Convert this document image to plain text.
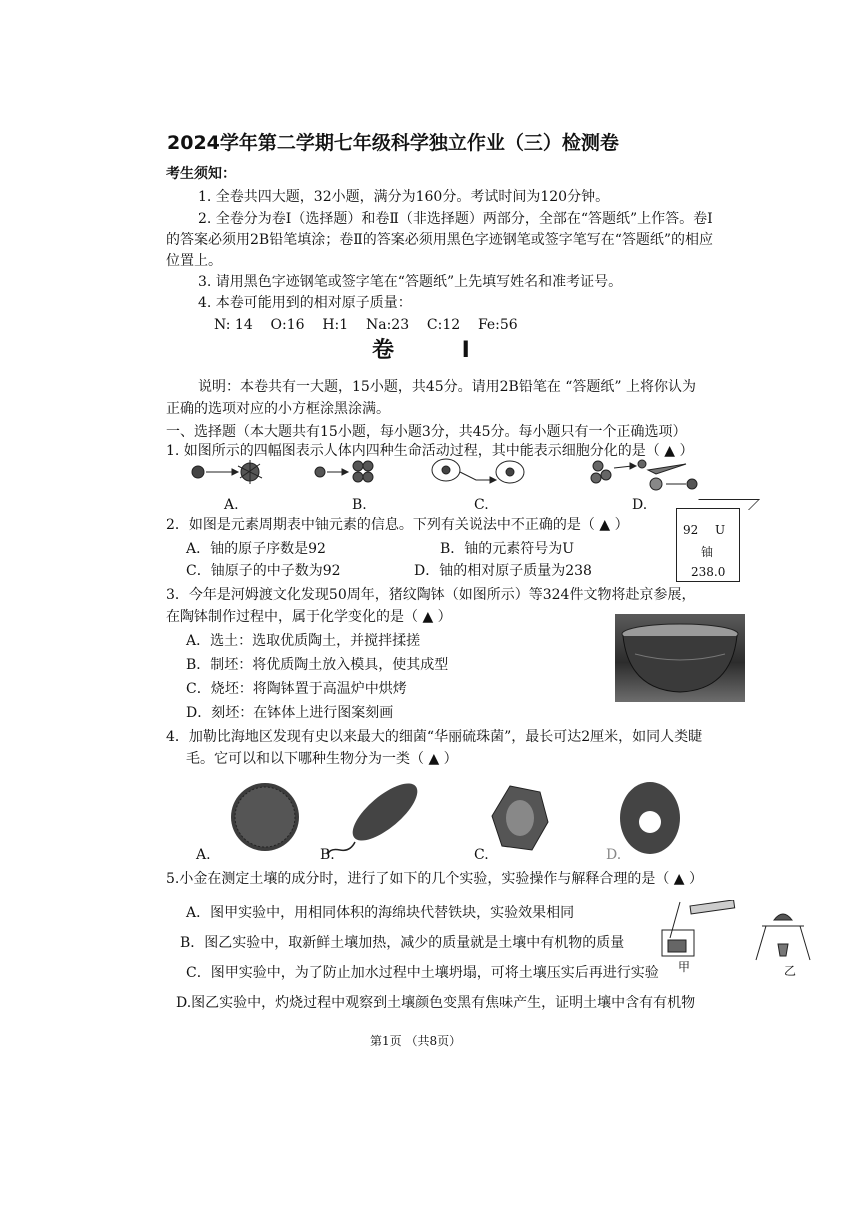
2024学年第二学期七年级科学独立作业（三）检测卷
考生须知：
1. 全卷共四大题，32小题，满分为160分。考试时间为120分钟。
2. 全卷分为卷Ⅰ（选择题）和卷Ⅱ（非选择题）两部分，全部在“答题纸”上作答。卷Ⅰ
的答案必须用2B铅笔填涂；卷Ⅱ的答案必须用黑色字迹钢笔或签字笔写在“答题纸”的相应
位置上。
3. 请用黑色字迹钢笔或签字笔在“答题纸”上先填写姓名和准考证号。
4. 本卷可能用到的相对原子质量：
N: 14    O:16    H:1    Na:23    C:12    Fe:56
卷 Ⅰ
说明：本卷共有一大题，15小题，共45分。请用2B铅笔在 “答题纸” 上将你认为
正确的选项对应的小方框涂黑涂满。
一、选择题（本大题共有15小题，每小题3分，共45分。每小题只有一个正确选项）
1. 如图所示的四幅图表示人体内四种生命活动过程，其中能表示细胞分化的是（ ▲ ）
A.	B.	C.	D.
2．如图是元素周期表中铀元素的信息。下列有关说法中不正确的是（ ▲ ）
A．铀的原子序数是92	B．铀的元素符号为U
C．铀原子的中子数为92	D．铀的相对原子质量为238
92 U
铀
238.0
3．今年是河姆渡文化发现50周年，猪纹陶钵（如图所示）等324件文物将赴京参展，
在陶钵制作过程中，属于化学变化的是（ ▲ ）
A．选土：选取优质陶土，并搅拌揉搓
B．制坯：将优质陶土放入模具，使其成型
C．烧坯：将陶钵置于高温炉中烘烤
D．刻坯：在钵体上进行图案刻画
4．加勒比海地区发现有史以来最大的细菌“华丽硫珠菌”，最长可达2厘米，如同人类睫
毛。它可以和以下哪种生物分为一类（ ▲ ）
A.	B.	C.	D.
5.小金在测定土壤的成分时，进行了如下的几个实验，实验操作与解释合理的是（ ▲ ）
A．图甲实验中，用相同体积的海绵块代替铁块，实验效果相同
B．图乙实验中，取新鲜土壤加热，减少的质量就是土壤中有机物的质量
C．图甲实验中，为了防止加水过程中土壤坍塌，可将土壤压实后再进行实验
D.图乙实验中，灼烧过程中观察到土壤颜色变黑有焦味产生，证明土壤中含有有机物
甲	乙
第1页 （共8页）
